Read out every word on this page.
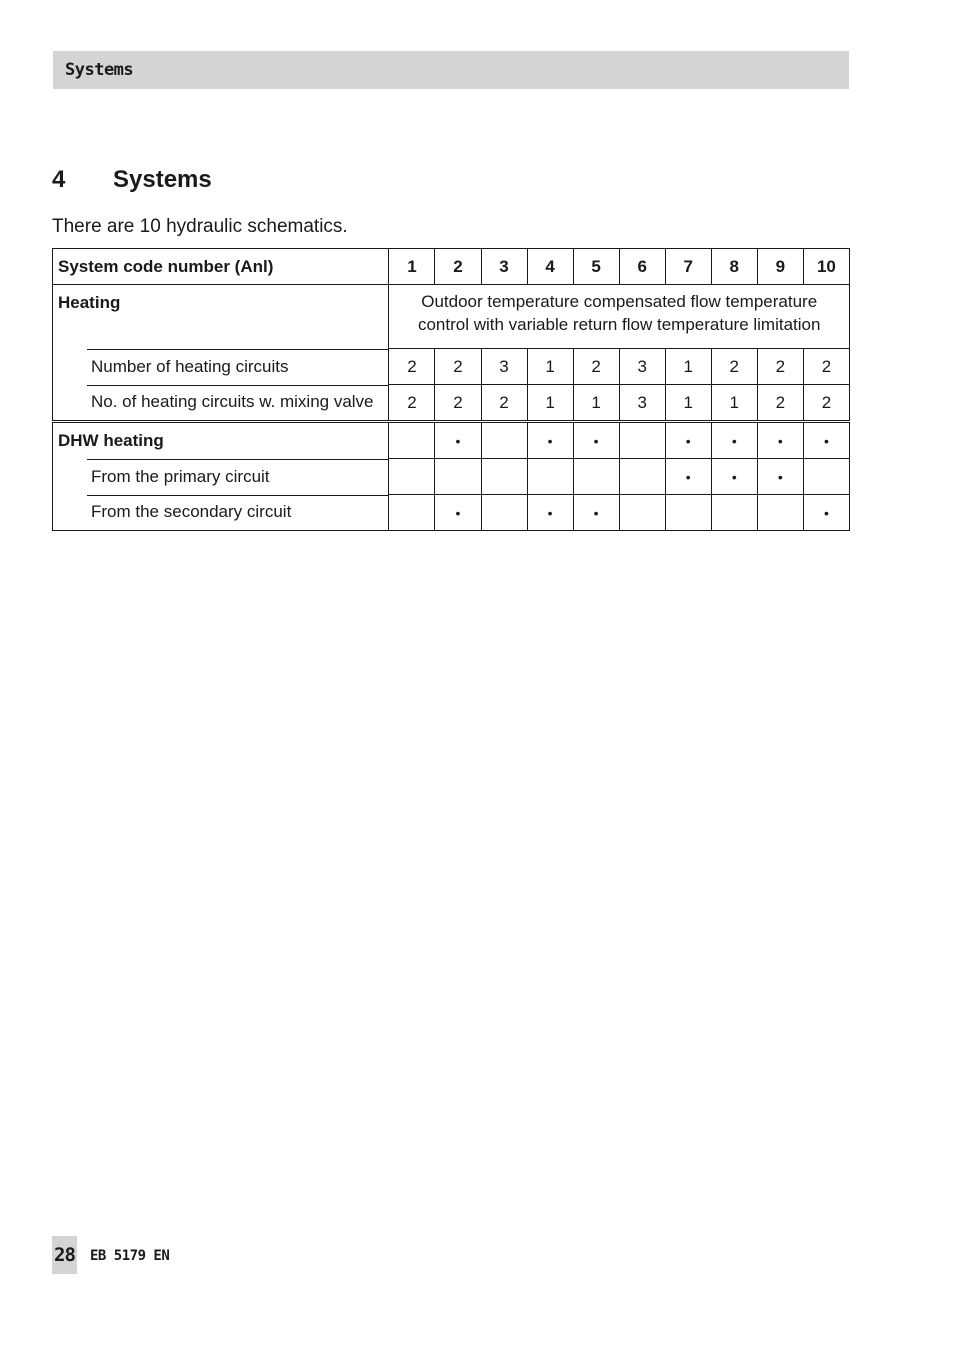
Systems
4	Systems
There are 10 hydraulic schematics.
System code number (Anl)	1	2	3	4	5	6	7	8	9	10
Heating	Outdoor temperature compensated flow temperature
control with variable return flow temperature limitation									

Number of heating circuits	2	2	3	1	2	3	1	2	2	2
No. of heating circuits w. mixing valve	2	2	2	1	1	3	1	1	2	2
DHW heating		•		•	•		•	•	•	•
From the primary circuit							•	•	•	
From the secondary circuit		•		•	•					•
28 EB 5179 EN
